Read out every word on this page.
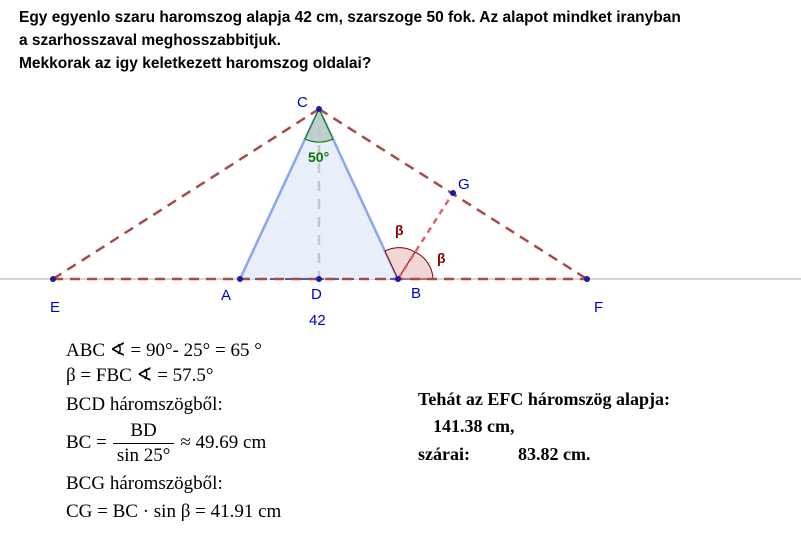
Egy egyenlo szaru haromszog alapja 42 cm, szarszoge 50 fok. Az alapot mindket iranyban
a szarhosszaval meghosszabbitjuk.
Mekkorak az igy keletkezett haromszog oldalai?
C
A	B
D
E	F
G
42
50°
β
β
ABC ∢ = 90°- 25° = 65 °
β = FBC ∢ = 57.5°
BCD háromszögből:
BC = $\frac{BD}{\sin 25^\circ} \approx 49.69$ cm
BCG háromszögből:
CG = BC · sin β = 41.91 cm
Tehát az EFC háromszög alapja:
141.38 cm,
szárai:	83.82 cm.
